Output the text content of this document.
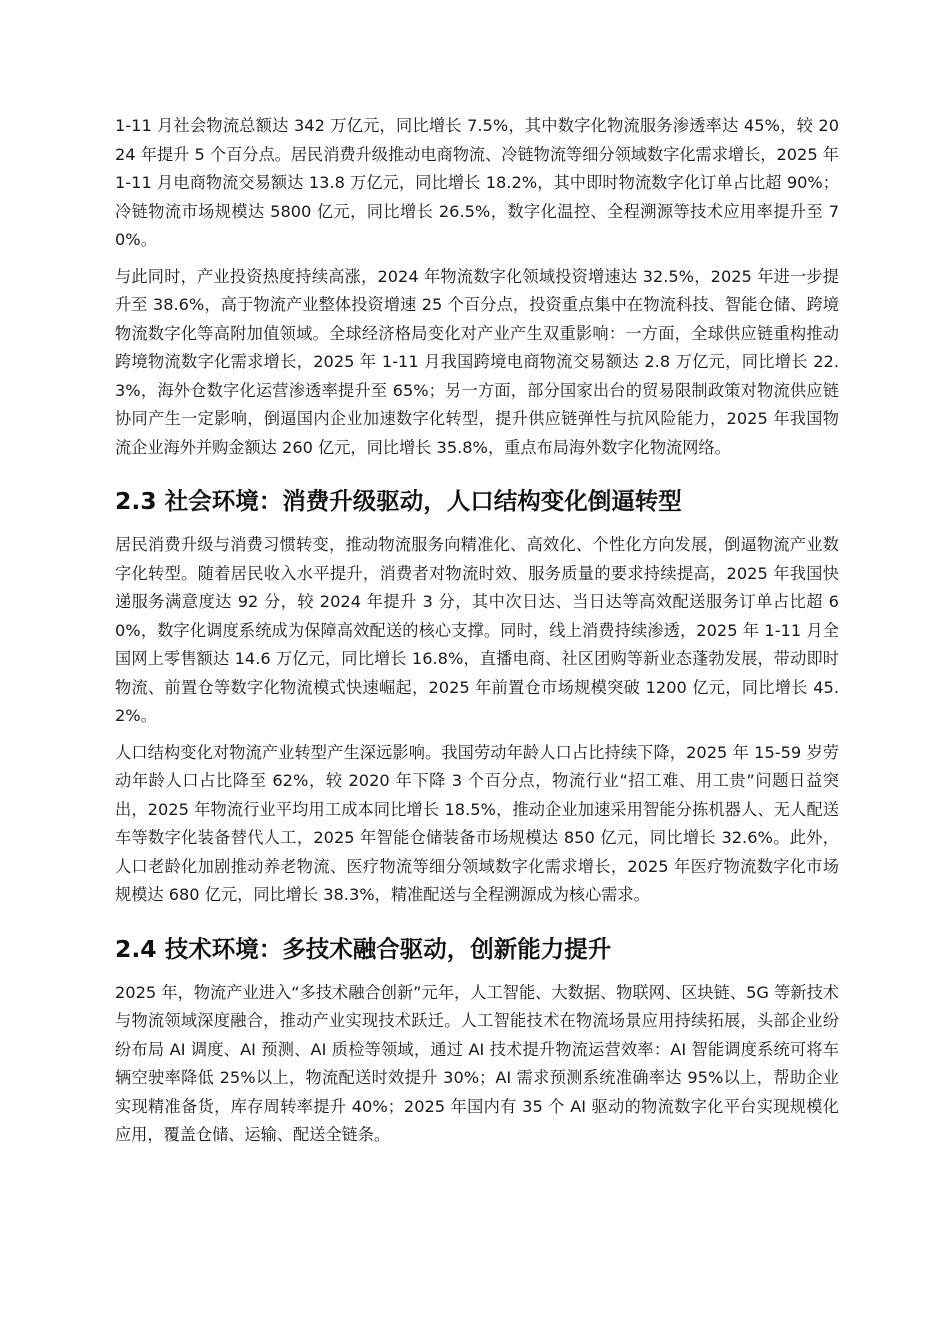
1-11 月社会物流总额达 342 万亿元，同比增长 7.5%，其中数字化物流服务渗透率达 45%，较 2024 年提升 5 个百分点。居民消费升级推动电商物流、冷链物流等细分领域数字化需求增长，2025 年 1-11 月电商物流交易额达 13.8 万亿元，同比增长 18.2%，其中即时物流数字化订单占比超 90%；冷链物流市场规模达 5800 亿元，同比增长 26.5%，数字化温控、全程溯源等技术应用率提升至 70%。

与此同时，产业投资热度持续高涨，2024 年物流数字化领域投资增速达 32.5%，2025 年进一步提升至 38.6%，高于物流产业整体投资增速 25 个百分点，投资重点集中在物流科技、智能仓储、跨境物流数字化等高附加值领域。全球经济格局变化对产业产生双重影响：一方面，全球供应链重构推动跨境物流数字化需求增长，2025 年 1-11 月我国跨境电商物流交易额达 2.8 万亿元，同比增长 22.3%，海外仓数字化运营渗透率提升至 65%；另一方面，部分国家出台的贸易限制政策对物流供应链协同产生一定影响，倒逼国内企业加速数字化转型，提升供应链弹性与抗风险能力，2025 年我国物流企业海外并购金额达 260 亿元，同比增长 35.8%，重点布局海外数字化物流网络。

2.3 社会环境：消费升级驱动，人口结构变化倒逼转型

居民消费升级与消费习惯转变，推动物流服务向精准化、高效化、个性化方向发展，倒逼物流产业数字化转型。随着居民收入水平提升，消费者对物流时效、服务质量的要求持续提高，2025 年我国快递服务满意度达 92 分，较 2024 年提升 3 分，其中次日达、当日达等高效配送服务订单占比超 60%，数字化调度系统成为保障高效配送的核心支撑。同时，线上消费持续渗透，2025 年 1-11 月全国网上零售额达 14.6 万亿元，同比增长 16.8%，直播电商、社区团购等新业态蓬勃发展，带动即时物流、前置仓等数字化物流模式快速崛起，2025 年前置仓市场规模突破 1200 亿元，同比增长 45.2%。

人口结构变化对物流产业转型产生深远影响。我国劳动年龄人口占比持续下降，2025 年 15-59 岁劳动年龄人口占比降至 62%，较 2020 年下降 3 个百分点，物流行业“招工难、用工贵”问题日益突出，2025 年物流行业平均用工成本同比增长 18.5%，推动企业加速采用智能分拣机器人、无人配送车等数字化装备替代人工，2025 年智能仓储装备市场规模达 850 亿元，同比增长 32.6%。此外，人口老龄化加剧推动养老物流、医疗物流等细分领域数字化需求增长，2025 年医疗物流数字化市场规模达 680 亿元，同比增长 38.3%，精准配送与全程溯源成为核心需求。

2.4 技术环境：多技术融合驱动，创新能力提升

2025 年，物流产业进入“多技术融合创新”元年，人工智能、大数据、物联网、区块链、5G 等新技术与物流领域深度融合，推动产业实现技术跃迁。人工智能技术在物流场景应用持续拓展，头部企业纷纷布局 AI 调度、AI 预测、AI 质检等领域，通过 AI 技术提升物流运营效率：AI 智能调度系统可将车辆空驶率降低 25%以上，物流配送时效提升 30%；AI 需求预测系统准确率达 95%以上，帮助企业实现精准备货，库存周转率提升 40%；2025 年国内有 35 个 AI 驱动的物流数字化平台实现规模化应用，覆盖仓储、运输、配送全链条。
